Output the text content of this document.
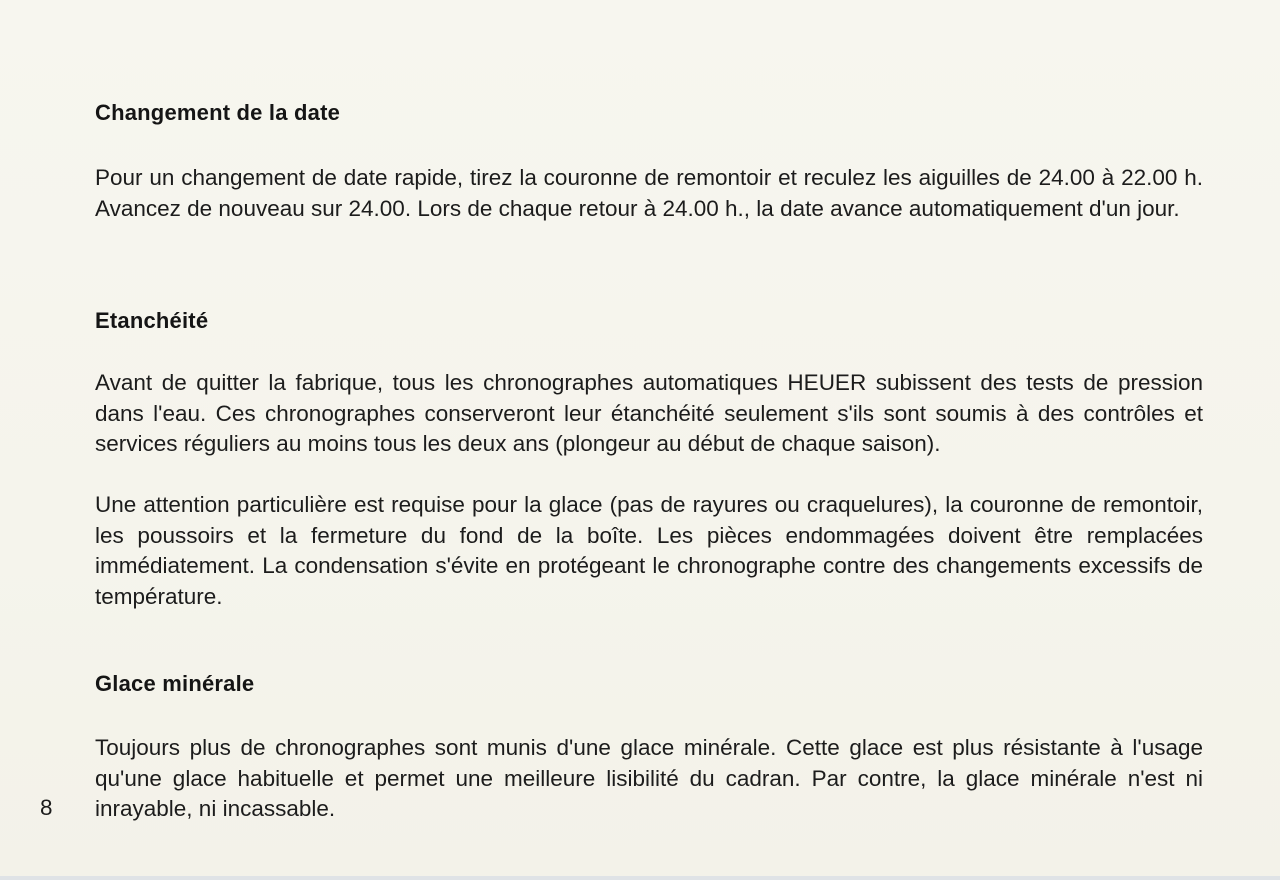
Changement de la date

Pour un changement de date rapide, tirez la couronne de remontoir et reculez les aiguilles de 24.00 à 22.00 h. Avancez de nouveau sur 24.00. Lors de chaque retour à 24.00 h., la date avance automatiquement d'un jour.

Etanchéité

Avant de quitter la fabrique, tous les chronographes automatiques HEUER subissent des tests de pression dans l'eau. Ces chronographes conserveront leur étanchéité seulement s'ils sont soumis à des contrôles et services réguliers au moins tous les deux ans (plongeur au début de chaque saison).

Une attention particulière est requise pour la glace (pas de rayures ou craquelures), la couronne de remontoir, les poussoirs et la fermeture du fond de la boîte. Les pièces endommagées doivent être remplacées immédiatement. La condensation s'évite en protégeant le chronographe contre des changements excessifs de température.

Glace minérale

Toujours plus de chronographes sont munis d'une glace minérale. Cette glace est plus résistante à l'usage qu'une glace habituelle et permet une meilleure lisibilité du cadran. Par contre, la glace minérale n'est ni inrayable, ni incassable.

8
